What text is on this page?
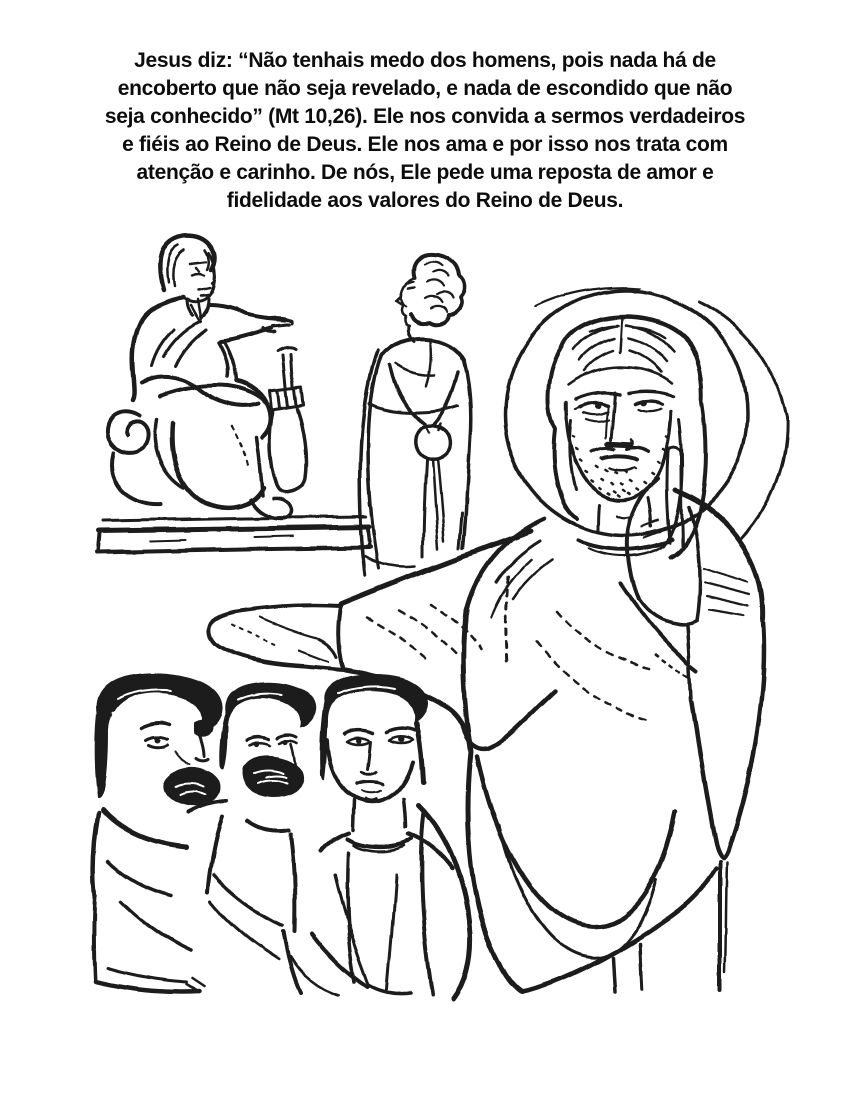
Jesus diz: “Não tenhais medo dos homens, pois nada há de
encoberto que não seja revelado, e nada de escondido que não
seja conhecido” (Mt 10,26). Ele nos convida a sermos verdadeiros
e fiéis ao Reino de Deus. Ele nos ama e por isso nos trata com
atenção e carinho. De nós, Ele pede uma reposta de amor e
fidelidade aos valores do Reino de Deus.
